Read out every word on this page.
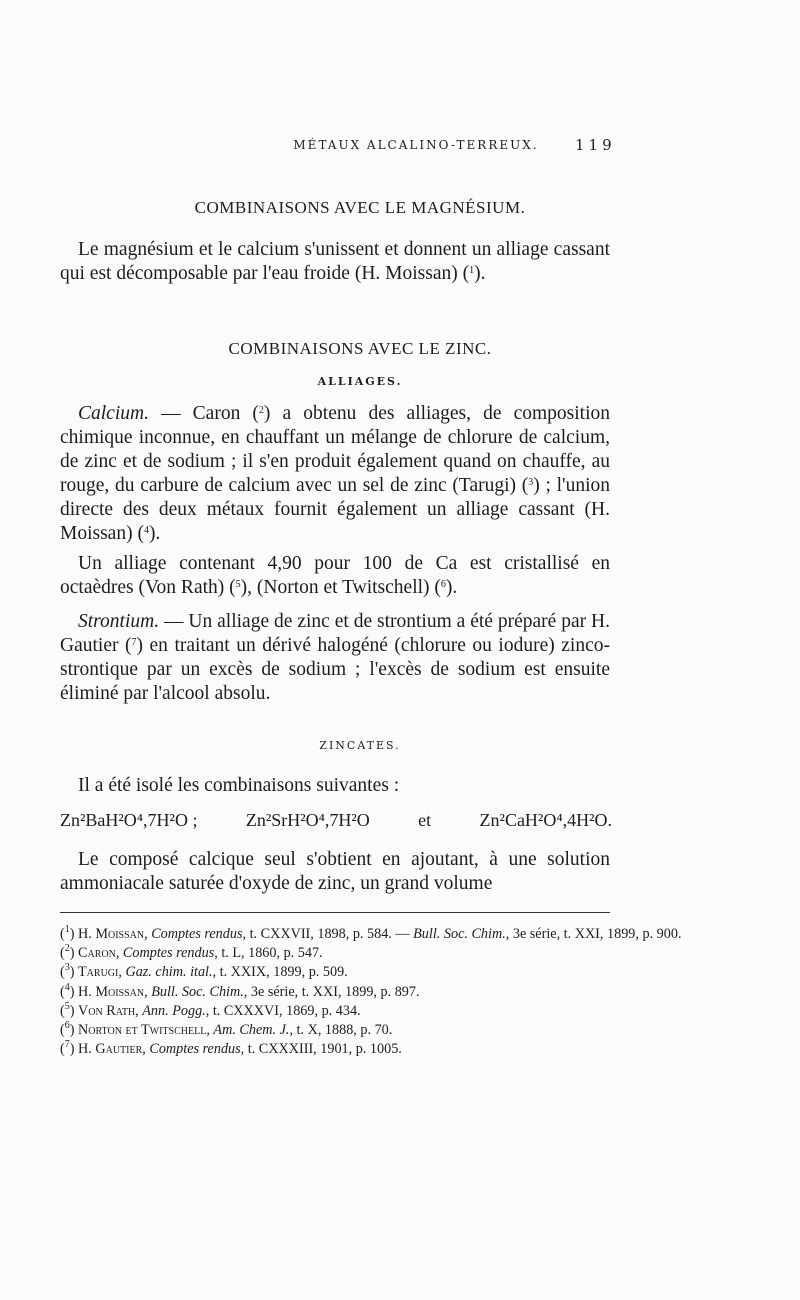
MÉTAUX ALCALINO-TERREUX.	119
COMBINAISONS AVEC LE MAGNÉSIUM.
Le magnésium et le calcium s'unissent et donnent un alliage cassant qui est décomposable par l'eau froide (H. Moissan) ($^1$).
COMBINAISONS AVEC LE ZINC.
ALLIAGES.
Calcium. — Caron ($^2$) a obtenu des alliages, de composition chimique inconnue, en chauffant un mélange de chlorure de calcium, de zinc et de sodium ; il s'en produit également quand on chauffe, au rouge, du carbure de calcium avec un sel de zinc (Tarugi) ($^3$) ; l'union directe des deux métaux fournit également un alliage cassant (H. Moissan) ($^4$).
Un alliage contenant 4,90 pour 100 de Ca est cristallisé en octaèdres (Von Rath) ($^5$), (Norton et Twitschell) ($^6$).
Strontium. — Un alliage de zinc et de strontium a été préparé par H. Gautier ($^7$) en traitant un dérivé halogéné (chlorure ou iodure) zinco-strontique par un excès de sodium ; l'excès de sodium est ensuite éliminé par l'alcool absolu.
ZINCATES.
Il a été isolé les combinaisons suivantes :
Zn²BaH²O⁴,7H²O ;	Zn²SrH²O⁴,7H²O	et	Zn²CaH²O⁴,4H²O.
Le composé calcique seul s'obtient en ajoutant, à une solution ammoniacale saturée d'oxyde de zinc, un grand volume
($^1$) H. Moissan, Comptes rendus, t. CXXVII, 1898, p. 584. — Bull. Soc. Chim., 3e série, t. XXI, 1899, p. 900.
($^2$) Caron, Comptes rendus, t. L, 1860, p. 547.
($^3$) Tarugi, Gaz. chim. ital., t. XXIX, 1899, p. 509.
($^4$) H. Moissan, Bull. Soc. Chim., 3e série, t. XXI, 1899, p. 897.
($^5$) Von Rath, Ann. Pogg., t. CXXXVI, 1869, p. 434.
($^6$) Norton et Twitschell, Am. Chem. J., t. X, 1888, p. 70.
($^7$) H. Gautier, Comptes rendus, t. CXXXIII, 1901, p. 1005.
